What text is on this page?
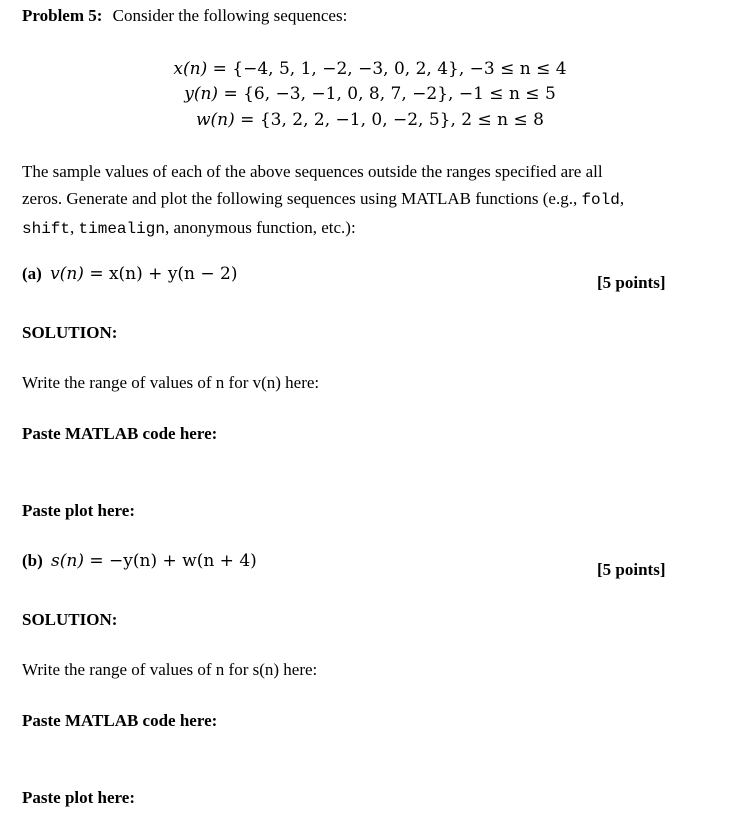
Problem 5: Consider the following sequences:
x(n) = {−4, 5, 1, −2, −3, 0, 2, 4}, −3 ≤ n ≤ 4
y(n) = {6, −3, −1, 0, 8, 7, −2}, −1 ≤ n ≤ 5
w(n) = {3, 2, 2, −1, 0, −2, 5}, 2 ≤ n ≤ 8
The sample values of each of the above sequences outside the ranges specified are all
zeros. Generate and plot the following sequences using MATLAB functions (e.g., fold,
shift, timealign, anonymous function, etc.):
(a) v(n) = x(n) + y(n − 2)	[5 points]
SOLUTION:
Write the range of values of n for v(n) here:
Paste MATLAB code here:
Paste plot here:
(b) s(n) = −y(n) + w(n + 4)	[5 points]
SOLUTION:
Write the range of values of n for s(n) here:
Paste MATLAB code here:
Paste plot here:
